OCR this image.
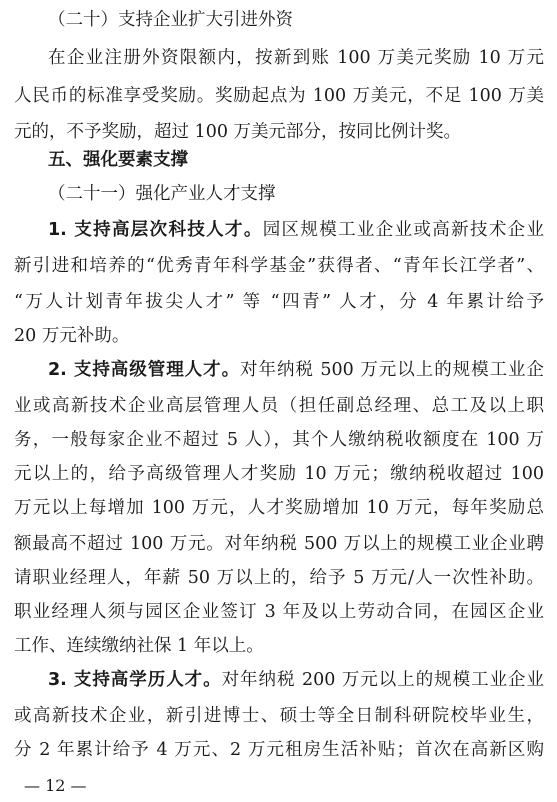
（二十）支持企业扩大引进外资
在企业注册外资限额内，按新到账 100 万美元奖励 10 万元
人民币的标准享受奖励。奖励起点为 100 万美元，不足 100 万美
元的，不予奖励，超过 100 万美元部分，按同比例计奖。
五、强化要素支撑
（二十一）强化产业人才支撑
1. 支持高层次科技人才。园区规模工业企业或高新技术企业
新引进和培养的“优秀青年科学基金”获得者、“青年长江学者”、
“万人计划青年拔尖人才” 等 “四青” 人才，分 4 年累计给予
20 万元补助。
2. 支持高级管理人才。对年纳税 500 万元以上的规模工业企
业或高新技术企业高层管理人员（担任副总经理、总工及以上职
务，一般每家企业不超过 5 人），其个人缴纳税收额度在 100 万
元以上的，给予高级管理人才奖励 10 万元；缴纳税收超过 100
万元以上每增加 100 万元，人才奖励增加 10 万元，每年奖励总
额最高不超过 100 万元。对年纳税 500 万以上的规模工业企业聘
请职业经理人，年薪 50 万以上的，给予 5 万元/人一次性补助。
职业经理人须与园区企业签订 3 年及以上劳动合同，在园区企业
工作、连续缴纳社保 1 年以上。
3. 支持高学历人才。对年纳税 200 万元以上的规模工业企业
或高新技术企业，新引进博士、硕士等全日制科研院校毕业生，
分 2 年累计给予 4 万元、2 万元租房生活补贴；首次在高新区购
— 12 —
